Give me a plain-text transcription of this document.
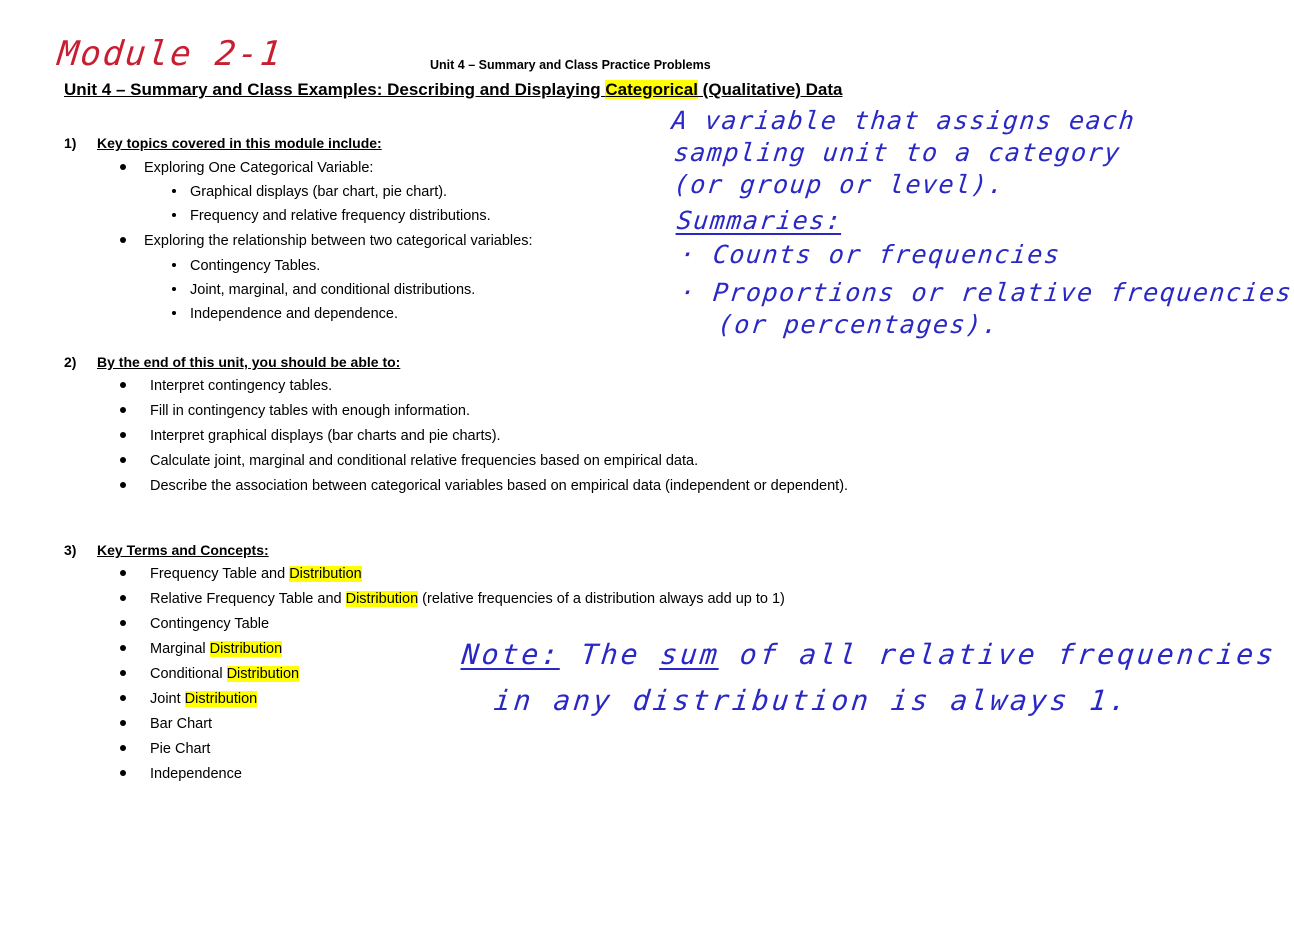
Module 2-1
A variable that assigns each
sampling unit to a category
(or group or level).
Summaries:
· Counts or frequencies
· Proportions or relative frequencies
(or percentages).
Note: The sum of all relative frequencies
in any distribution is always 1.
Unit 4 – Summary and Class Practice Problems
Unit 4 – Summary and Class Examples: Describing and Displaying Categorical (Qualitative) Data
1) Key topics covered in this module include:
Exploring One Categorical Variable:
Graphical displays (bar chart, pie chart).
Frequency and relative frequency distributions.
Exploring the relationship between two categorical variables:
Contingency Tables.
Joint, marginal, and conditional distributions.
Independence and dependence.
2) By the end of this unit, you should be able to:
Interpret contingency tables.
Fill in contingency tables with enough information.
Interpret graphical displays (bar charts and pie charts).
Calculate joint, marginal and conditional relative frequencies based on empirical data.
Describe the association between categorical variables based on empirical data (independent or dependent).
3) Key Terms and Concepts:
Frequency Table and Distribution
Relative Frequency Table and Distribution (relative frequencies of a distribution always add up to 1)
Contingency Table
Marginal Distribution
Conditional Distribution
Joint Distribution
Bar Chart
Pie Chart
Independence
